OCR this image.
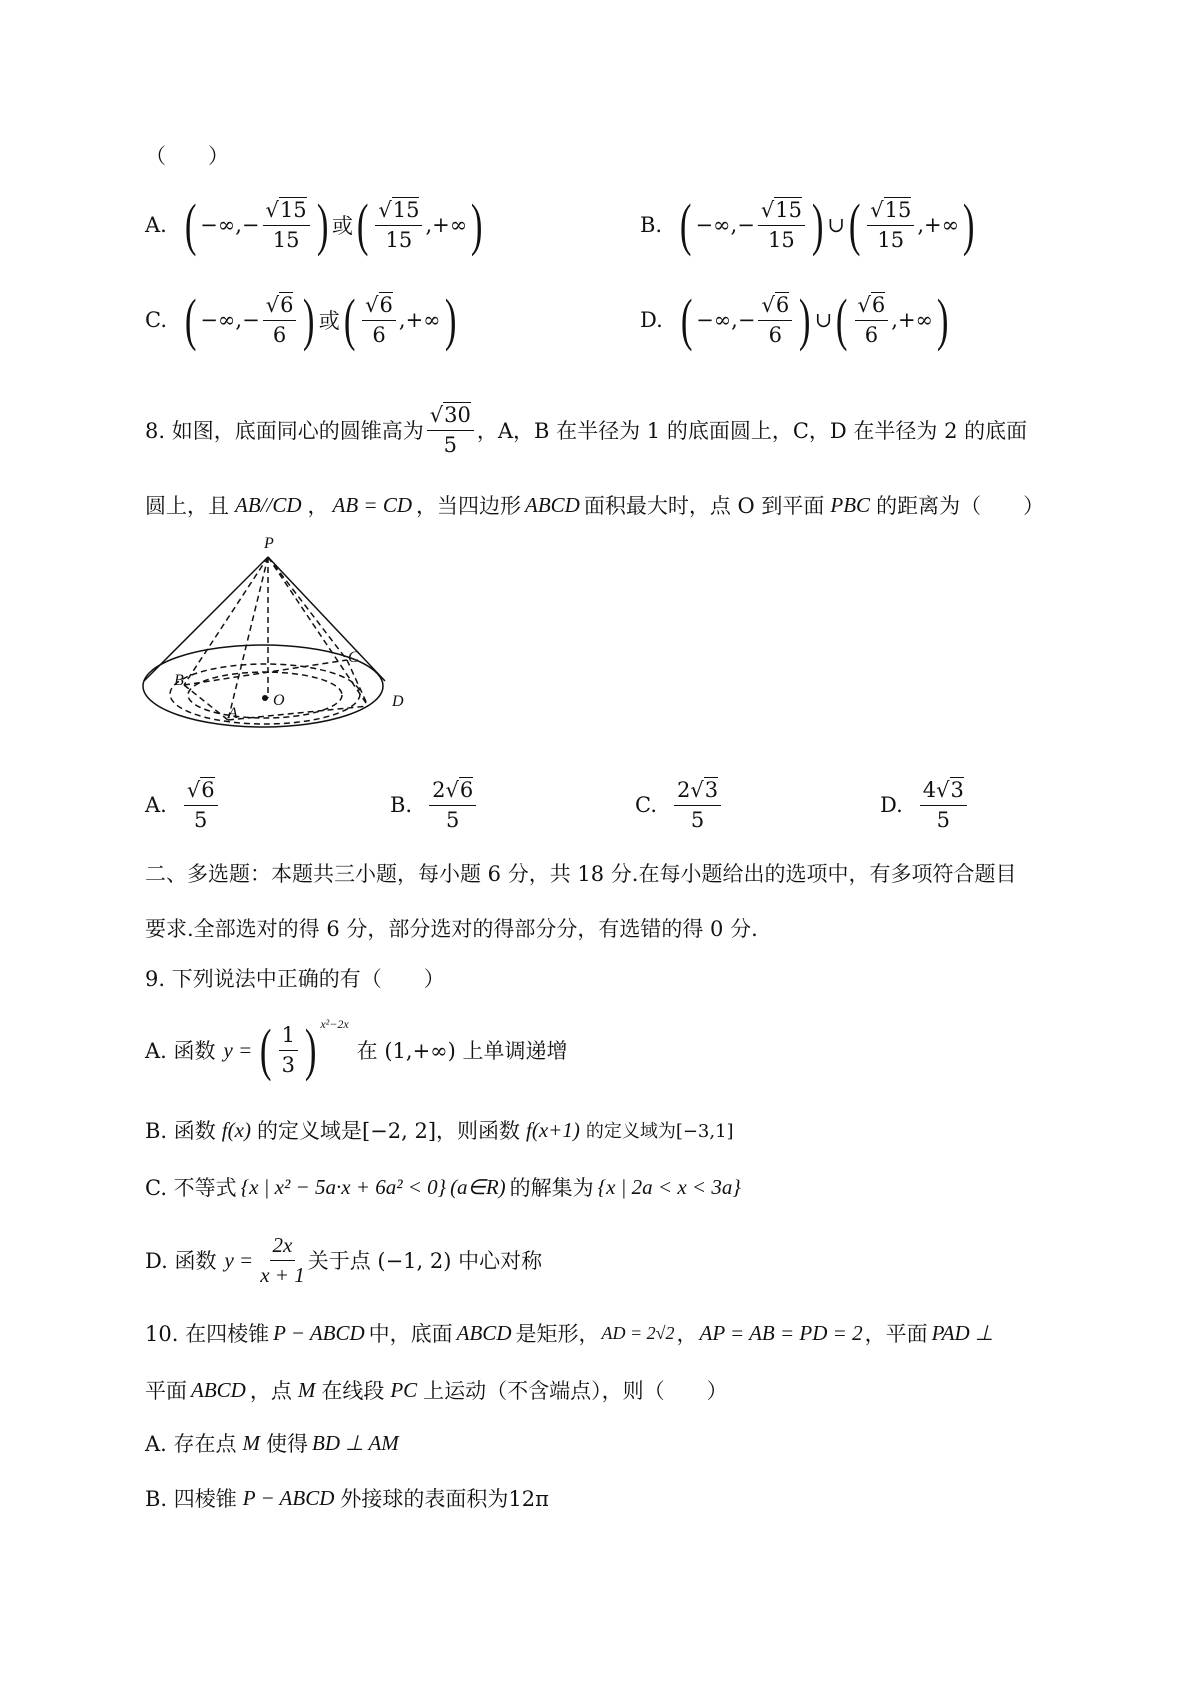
（　　）
A. ( −∞,− $\frac{√15}{15}$ ) 或 ( $\frac{√15}{15}$ ,+∞ )	B. ( −∞,− $\frac{√15}{15}$ ) ∪ ( $\frac{√15}{15}$ ,+∞ )
C. ( −∞,− $\frac{√6}{6}$ ) 或 ( $\frac{√6}{6}$ ,+∞ )	D. ( −∞,− $\frac{√6}{6}$ ) ∪ ( $\frac{√6}{6}$ ,+∞ )
8. 如图，底面同心的圆锥高为 $\frac{√30}{5}$ ，A，B 在半径为 1 的底面圆上，C，D 在半径为 2 的底面
圆上，且 AB//CD ， AB = CD ，当四边形 ABCD 面积最大时，点 O 到平面 PBC 的距离为（　　）
P
B
C
O
A
D
A. $\frac{√6}{5}$	B. $\frac{2√6}{5}$	C. $\frac{2√3}{5}$	D. $\frac{4√3}{5}$
二、多选题：本题共三小题，每小题 6 分，共 18 分.在每小题给出的选项中，有多项符合题目
要求.全部选对的得 6 分，部分选对的得部分分，有选错的得 0 分.
9. 下列说法中正确的有（　　）
A. 函数 y = ( $\frac{1}{3}$ ) $^{x^2-2x}$
在 (1,+∞) 上单调递增
B. 函数 f(x) 的定义域是[−2, 2]，则函数 f(x+1) 的定义域为[−3,1]
C. 不等式 {x | x² − 5a·x + 6a² < 0} (a∈R) 的解集为 {x | 2a < x < 3a}
D. 函数 $y = \frac{2x}{x + 1}$ 关于点 (−1, 2) 中心对称
10. 在四棱锥 P − ABCD 中，底面 ABCD 是矩形， AD = 2√2 ， AP = AB = PD = 2 ，平面 PAD ⊥
平面 ABCD ，点 M 在线段 PC 上运动（不含端点），则（　　）
A. 存在点 M 使得 BD ⊥ AM
B. 四棱锥 P − ABCD 外接球的表面积为12π
